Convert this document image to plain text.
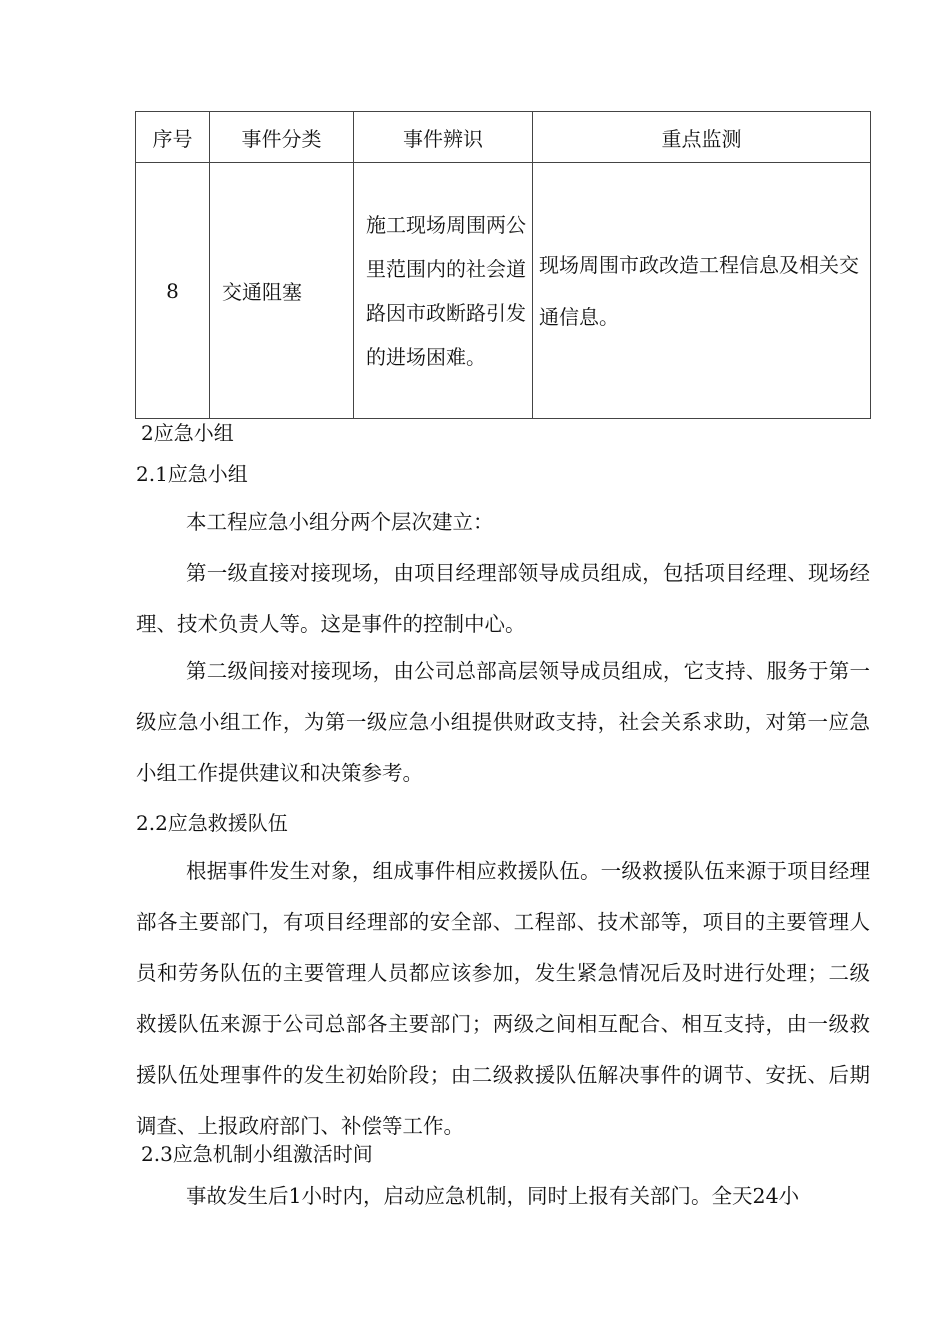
序号	事件分类	事件辨识	重点监测
8	交通阻塞	施工现场周围两公里范围内的社会道路因市政断路引发的进场困难。	现场周围市政改造工程信息及相关交通信息。
2应急小组
2.1应急小组
本工程应急小组分两个层次建立：
第一级直接对接现场，由项目经理部领导成员组成，包括项目经理、现场经理、技术负责人等。这是事件的控制中心。
第二级间接对接现场，由公司总部高层领导成员组成，它支持、服务于第一级应急小组工作，为第一级应急小组提供财政支持，社会关系求助，对第一应急小组工作提供建议和决策参考。
2.2应急救援队伍
根据事件发生对象，组成事件相应救援队伍。一级救援队伍来源于项目经理部各主要部门，有项目经理部的安全部、工程部、技术部等，项目的主要管理人员和劳务队伍的主要管理人员都应该参加，发生紧急情况后及时进行处理；二级救援队伍来源于公司总部各主要部门；两级之间相互配合、相互支持，由一级救援队伍处理事件的发生初始阶段；由二级救援队伍解决事件的调节、安抚、后期调查、上报政府部门、补偿等工作。
2.3应急机制小组激活时间
事故发生后1小时内，启动应急机制，同时上报有关部门。全天24小
